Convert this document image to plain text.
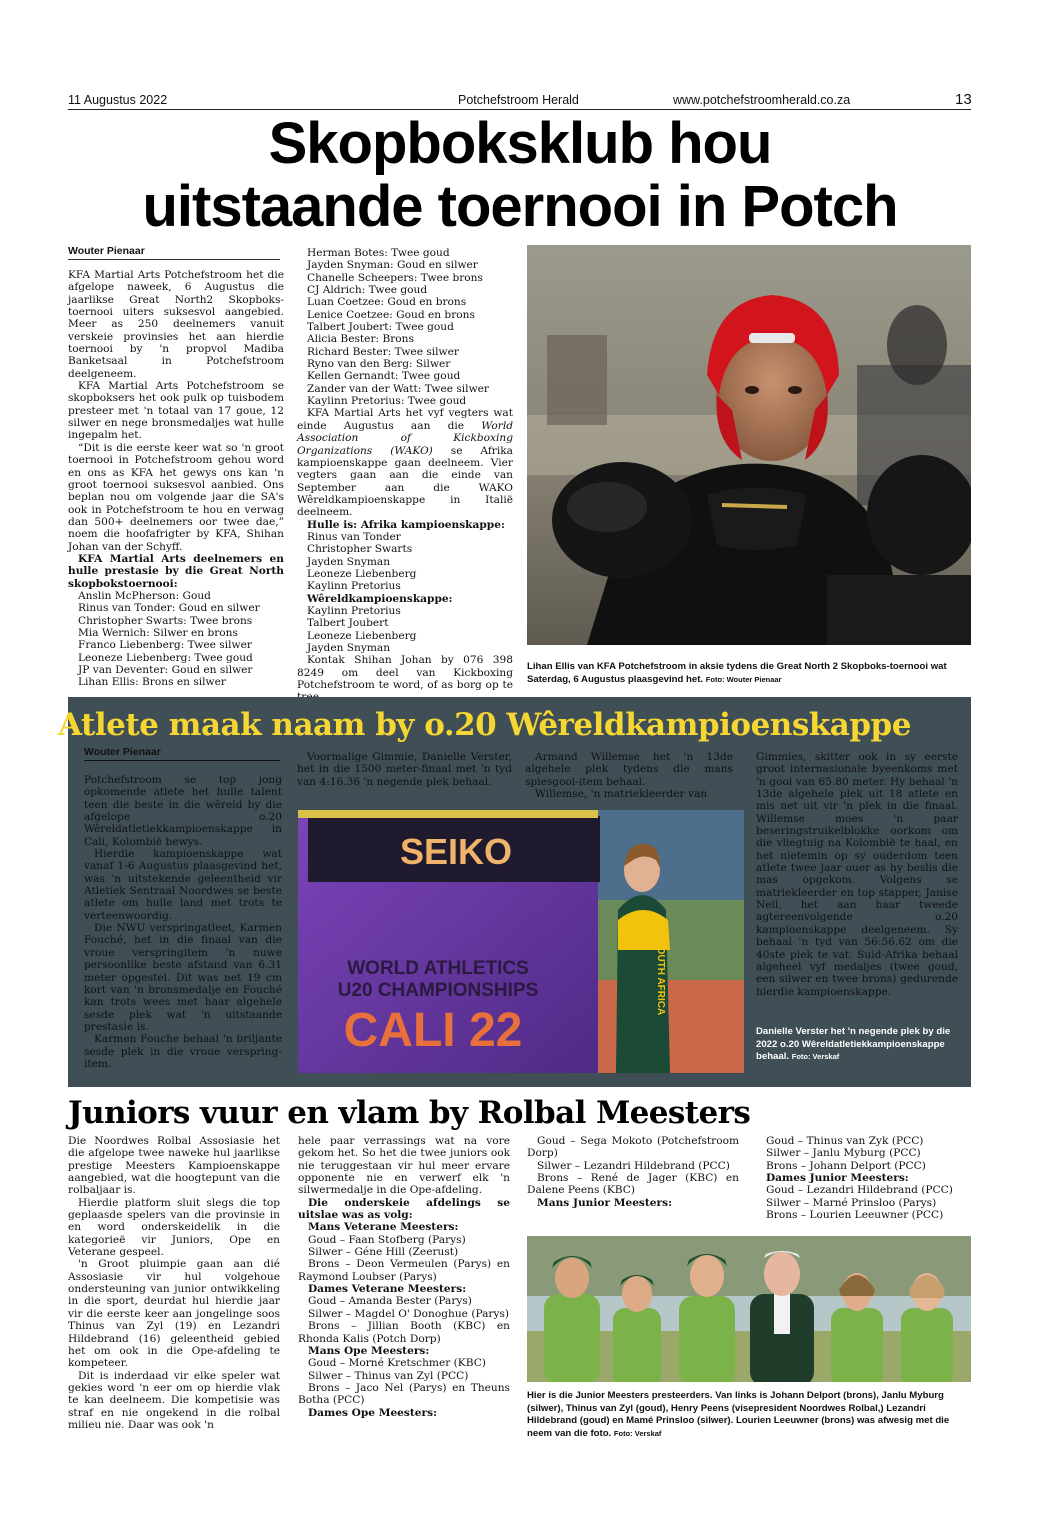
11 Augustus 2022	Potchefstroom Herald	www.potchefstroomherald.co.za	13
Skopboksklub hou
uitstaande toernooi in Potch
Wouter Pienaar

KFA Martial Arts Potchefstroom het die afgelope naweek, 6 Augustus die jaarlikse Great North2 Skopboks-toernooi uiters suksesvol aangebied. Meer as 250 deelnemers vanuit verskeie provinsies het aan hierdie toernooi by 'n propvol Madiba Banketsaal in Potchefstroom deelgeneem.

KFA Martial Arts Potchefstroom se skopboksers het ook pulk op tuisbodem presteer met 'n totaal van 17 goue, 12 silwer en nege bronsmedaljes wat hulle ingepalm het.

“Dit is die eerste keer wat so 'n groot toernooi in Potchefstroom gehou word en ons as KFA het gewys ons kan 'n groot toernooi suksesvol aanbied. Ons beplan nou om volgende jaar die SA's ook in Potchefstroom te hou en verwag dan 500+ deelnemers oor twee dae,” noem die hoofafrigter by KFA, Shihan Johan van der Schyff.

KFA Martial Arts deelnemers en hulle prestasie by die Great North skopbokstoernooi:

Anslin McPherson: Goud
Rinus van Tonder: Goud en silwer
Christopher Swarts: Twee brons
Mia Wernich: Silwer en brons
Franco Liebenberg: Twee silwer
Leoneze Liebenberg: Twee goud
JP van Deventer: Goud en silwer
Lihan Ellis: Brons en silwer
Herman Botes: Twee goud
Jayden Snyman: Goud en silwer
Chanelle Scheepers: Twee brons
CJ Aldrich: Twee goud
Luan Coetzee: Goud en brons
Lenice Coetzee: Goud en brons
Talbert Joubert: Twee goud
Alicia Bester: Brons
Richard Bester: Twee silwer
Ryno van den Berg: Silwer
Kellen Gernandt: Twee goud
Zander van der Watt: Twee silwer
Kaylinn Pretorius: Twee goud

KFA Martial Arts het vyf vegters wat einde Augustus aan die World Association of Kickboxing Organizations (WAKO) se Afrika kampioenskappe gaan deelneem. Vier vegters gaan aan die einde van September aan die WAKO Wêreldkampioenskappe in Italië deelneem.

Hulle is: Afrika kampioenskappe:

Rinus van Tonder
Christopher Swarts
Jayden Snyman
Leoneze Liebenberg
Kaylinn Pretorius

Wêreldkampioenskappe:

Kaylinn Pretorius
Talbert Joubert
Leoneze Liebenberg
Jayden Snyman

Kontak Shihan Johan by 076 398 8249 om deel van Kickboxing Potchefstroom te word, of as borg op te

Lihan Ellis van KFA Potchefstroom in aksie tydens die Great North 2 Skopboks-toernooi wat Saterdag, 6 Augustus plaasgevind het. Foto: Wouter Pienaar
Atlete maak naam by o.20 Wêreldkampioenskappe
Wouter Pienaar

Potchefstroom se top jong opkomende atlete het hulle talent teen die beste in die wêreld by die afgelope o.20 Wêreldatletiekkampioenskappe in Cali, Kolombië bewys.

Hierdie kampioenskappe wat vanaf 1-6 Augustus plaasgevind het, was 'n uitstekende geleentheid vir Atletiek Sentraal Noordwes se beste atlete om hulle land met trots te verteenwoordig.

Die NWU verspringatleet, Karmen Fouché, het in die finaal van die vroue verspringitem 'n nuwe persoonlike beste afstand van 6.31 meter opgestel. Dit was net 19 cm kort van 'n bronsmedalje en Fouché kan trots wees met haar algehele sesde plek wat 'n uitstaande prestasie is.

Karmen Fouche behaal 'n briljante sesde plek in die vroue verspring-item.

Voormalige Gimmie, Danielle Verster, het in die 1500 meter-finaal met 'n tyd van 4:16.36 'n negende plek behaal.

Armand Willemse het 'n 13de algehele plek tydens die mans spiesgooi-item behaal.

Willemse, 'n matriekleerder van

Gimmies, skitter ook in sy eerste groot internasionale byeenkoms met 'n gooi van 65.80 meter. Hy behaal 'n 13de algehele plek uit 18 atlete en mis net uit vir 'n plek in die finaal. Willemse moes 'n paar beseringstruikelblokke oorkom om die vliegtuig na Kolombië te haal, en het nietemin op sy ouderdom teen atlete twee jaar ouer as hy beslis die mas opgekom. Volgens se matriekleerder en top stapper, Janise Nell, het aan haar tweede agtereenvolgende o.20 kampioenskappe deelgeneem. Sy behaal 'n tyd van 56:56.62 om die 40ste plek te vat. Suid-Afrika behaal algeheel vyf medaljes (twee goud, een silwer en twee brons) gedurende hierdie kampioenskappe.

SEIKO
WORLD ATHLETICS
U20 CHAMPIONSHIPS
CALI 22
SOUTH AFRICA
Danielle Verster het 'n negende plek by die 2022 o.20 Wêreldatletiekkampioenskappe behaal. Foto: Verskaf
Juniors vuur en vlam by Rolbal Meesters

Die Noordwes Rolbal Assosiasie het die afgelope twee naweke hul jaarlikse prestige Meesters Kampioenskappe aangebied, wat die hoogtepunt van die rolbaljaar is.

Hierdie platform sluit slegs die top geplaasde spelers van die provinsie in en word onderskeidelik in die kategorieë vir Juniors, Ope en Veterane gespeel.

'n Groot pluimpie gaan aan dié Assosiasie vir hul volgehoue ondersteuning van junior ontwikkeling in die sport, deurdat hul hierdie jaar vir die eerste keer aan jongelinge soos Thinus van Zyl (19) en Lezandri Hildebrand (16) geleentheid gebied het om ook in die Ope-afdeling te kompeteer.

Dit is inderdaad vir elke speler wat gekies word 'n eer om op hierdie vlak te kan deelneem. Die kompetisie was straf en nie ongekend in die rolbal milieu nie. Daar was ook 'n

hele paar verrassings wat na vore gekom het. So het die twee juniors ook nie teruggestaan vir hul meer ervare opponente nie en verwerf elk 'n silwermedalje in die Ope-afdeling.

Die onderskeie afdelings se uitslae was as volg:

Mans Veterane Meesters:

Goud – Faan Stofberg (Parys)

Silwer – Géne Hill (Zeerust)

Brons – Deon Vermeulen (Parys) en Raymond Loubser (Parys)

Dames Veterane Meesters:

Goud – Amanda Bester (Parys)

Silwer – Magdel O' Donoghue (Parys)

Brons – Jillian Booth (KBC) en Rhonda Kalis (Potch Dorp)

Mans Ope Meesters:

Goud – Morné Kretschmer (KBC)

Silwer – Thinus van Zyl (PCC)

Brons – Jaco Nel (Parys) en Theuns Botha (PCC)

Dames Ope Meesters:

Goud – Sega Mokoto (Potchefstroom Dorp)

Silwer – Lezandri Hildebrand (PCC)

Brons – René de Jager (KBC) en Dalene Peens (KBC)

Mans Junior Meesters:

Goud – Thinus van Zyk (PCC)

Silwer – Janlu Myburg (PCC)

Brons – Johann Delport (PCC)

Dames Junior Meesters:

Goud – Lezandri Hildebrand (PCC)

Silwer – Marné Prinsloo (Parys)

Brons – Lourien Leeuwner (PCC)

Hier is die Junior Meesters presteerders. Van links is Johann Delport (brons), Janlu Myburg (silwer), Thinus van Zyl (goud), Henry Peens (visepresident Noordwes Rolbal,) Lezandri Hildebrand (goud) en Mamé Prinsloo (silwer). Lourien Leeuwner (brons) was afwesig met die neem van die foto. Foto: Verskaf
